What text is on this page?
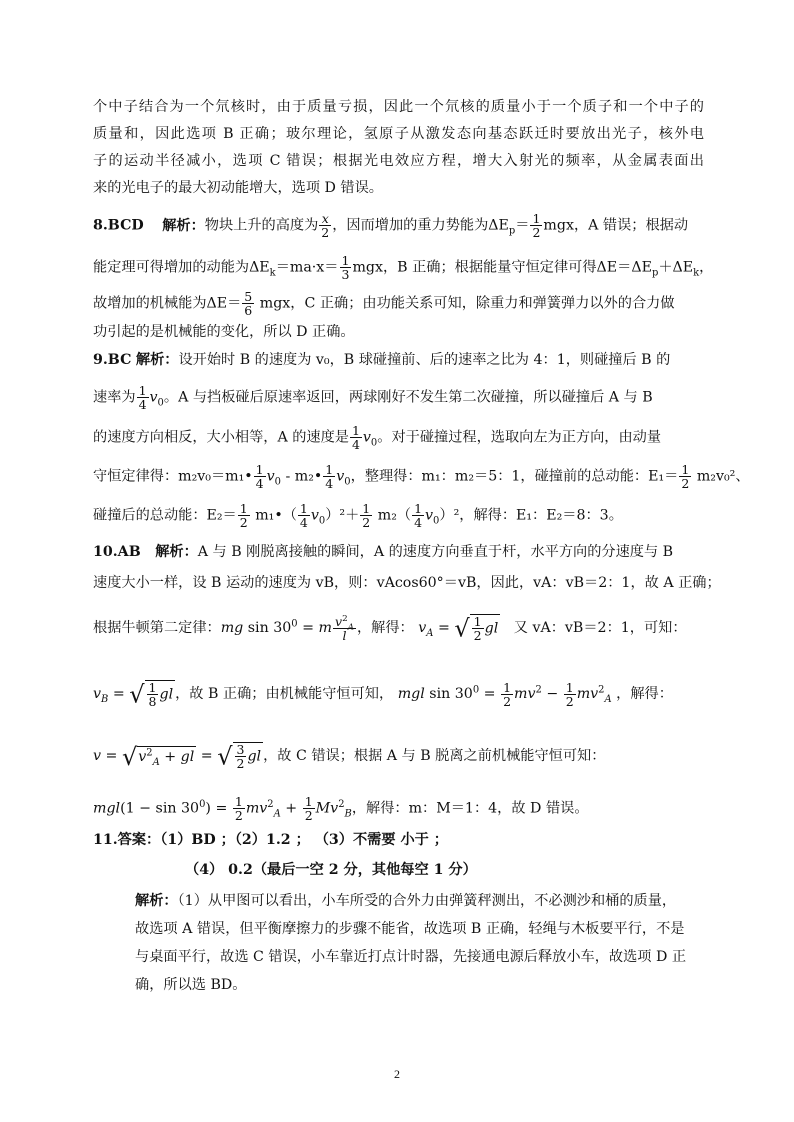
个中子结合为一个氘核时，由于质量亏损，因此一个氘核的质量小于一个质子和一个中子的
质量和，因此选项 B 正确；玻尔理论，氢原子从激发态向基态跃迁时要放出光子，核外电
子的运动半径减小，选项 C 错误；根据光电效应方程，增大入射光的频率，从金属表面出
来的光电子的最大初动能增大，选项 D 错误。
8.BCD 解析：物块上升的高度为 $\frac{x}{2}$ ，因而增加的重力势能为$\Delta E_p= \frac{1}{2}$ mgx，A 错误；根据动
能定理可得增加的动能为$\Delta E_k=ma\cdot x= \frac{1}{3}$ mgx，B 正确；根据能量守恒定律可得$\Delta E=\Delta E_p+\Delta E_k$，
故增加的机械能为$\Delta E= \frac{5}{6}$ mgx，C 正确；由功能关系可知，除重力和弹簧弹力以外的合力做
功引起的是机械能的变化，所以 D 正确。
9.BC 解析：设开始时 B 的速度为 v₀，B 球碰撞前、后的速率之比为 4：1，则碰撞后 B 的
速率为 $\frac{1}{4} v_0$。A 与挡板碰后原速率返回，两球刚好不发生第二次碰撞，所以碰撞后 A 与 B
的速度方向相反，大小相等，A 的速度是 $\frac{1}{4} v_0$。对于碰撞过程，选取向左为正方向，由动量
守恒定律得：m₂v₀＝m₁• $\frac{1}{4} v_0$ - m₂• $\frac{1}{4} v_0$，整理得：m₁：m₂＝5：1，碰撞前的总动能：$E_1= \frac{1}{2} m_2v_0^2$、
碰撞后的总动能：$E_2= \frac{1}{2}$ m₁•（ $\frac{1}{4} v_0)^2+ \frac{1}{2} m_2( \frac{1}{4} v_0)^2$，解得：E₁：E₂＝8：3。
10.AB 解析：A 与 B 刚脱离接触的瞬间，A 的速度方向垂直于杆，水平方向的分速度与 B
速度大小一样，设 B 运动的速度为 vB，则：vAcos60°＝vB，因此，vA：vB＝2：1，故 A 正确；
根据牛顿第二定律：mg $\sin 30^0 = m \frac{v^2_A}{l}$ ，解得： $v_A$ = √ $\frac{1}{2}$ gl 又 vA：vB＝2：1，可知：
$v_B$ = √ $\frac{1}{8}$ gl ，故 B 正确；由机械能守恒可知， mgl $\sin 30^0 = \frac{1}{2} mv^2 - \frac{1}{2} mv^2_A$ ，解得：
$v = √v^2_A$ + gl = √ $\frac{3}{2}$ gl ，故 C 错误；根据 A 与 B 脱离之前机械能守恒可知：
$mgl(1 - \sin 30^0) = \frac{1}{2} mv^2_A + \frac{1}{2} Mv^2_B$，解得：m：M＝1：4，故 D 错误。
11.答案：（1）BD ；（2）1.2 ； （3）不需要 小于 ；
（4） 0.2（最后一空 2 分，其他每空 1 分）
解析：（1）从甲图可以看出，小车所受的合外力由弹簧秤测出，不必测沙和桶的质量，
故选项 A 错误，但平衡摩擦力的步骤不能省，故选项 B 正确，轻绳与木板要平行，不是
与桌面平行，故选 C 错误，小车靠近打点计时器，先接通电源后释放小车，故选项 D 正
确，所以选 BD。
2
